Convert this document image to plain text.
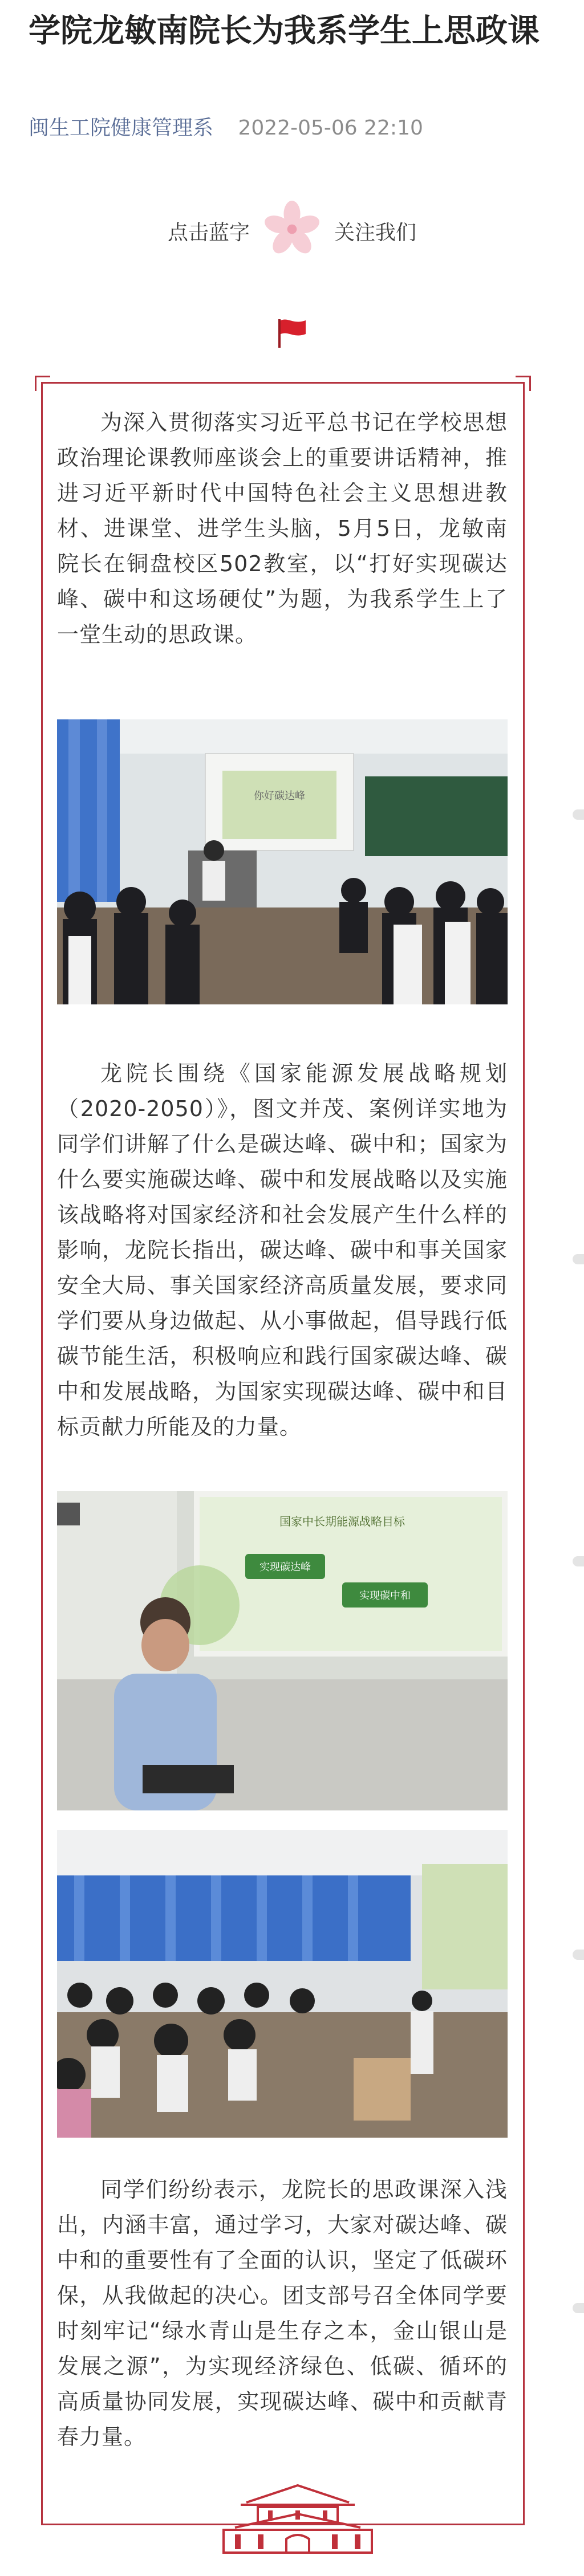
学院龙敏南院长为我系学生上思政课
闽生工院健康管理系 2022-05-06 22:10
点击蓝字	关注我们

为深入贯彻落实习近平总书记在学校思想政治理论课教师座谈会上的重要讲话精神，推进习近平新时代中国特色社会主义思想进教材、进课堂、进学生头脑，5月5日，龙敏南院长在铜盘校区502教室，以“打好实现碳达峰、碳中和这场硬仗”为题，为我系学生上了一堂生动的思政课。

你好碳达峰

龙院长围绕《国家能源发展战略规划（2020-2050）》，图文并茂、案例详实地为同学们讲解了什么是碳达峰、碳中和；国家为什么要实施碳达峰、碳中和发展战略以及实施该战略将对国家经济和社会发展产生什么样的影响，龙院长指出，碳达峰、碳中和事关国家安全大局、事关国家经济高质量发展，要求同学们要从身边做起、从小事做起，倡导践行低碳节能生活，积极响应和践行国家碳达峰、碳中和发展战略，为国家实现碳达峰、碳中和目标贡献力所能及的力量。

国家中长期能源战略目标
实现碳达峰
实现碳中和

同学们纷纷表示，龙院长的思政课深入浅出，内涵丰富，通过学习，大家对碳达峰、碳中和的重要性有了全面的认识，坚定了低碳环保，从我做起的决心。团支部号召全体同学要时刻牢记“绿水青山是生存之本，金山银山是发展之源”，为实现经济绿色、低碳、循环的高质量协同发展，实现碳达峰、碳中和贡献青春力量。
